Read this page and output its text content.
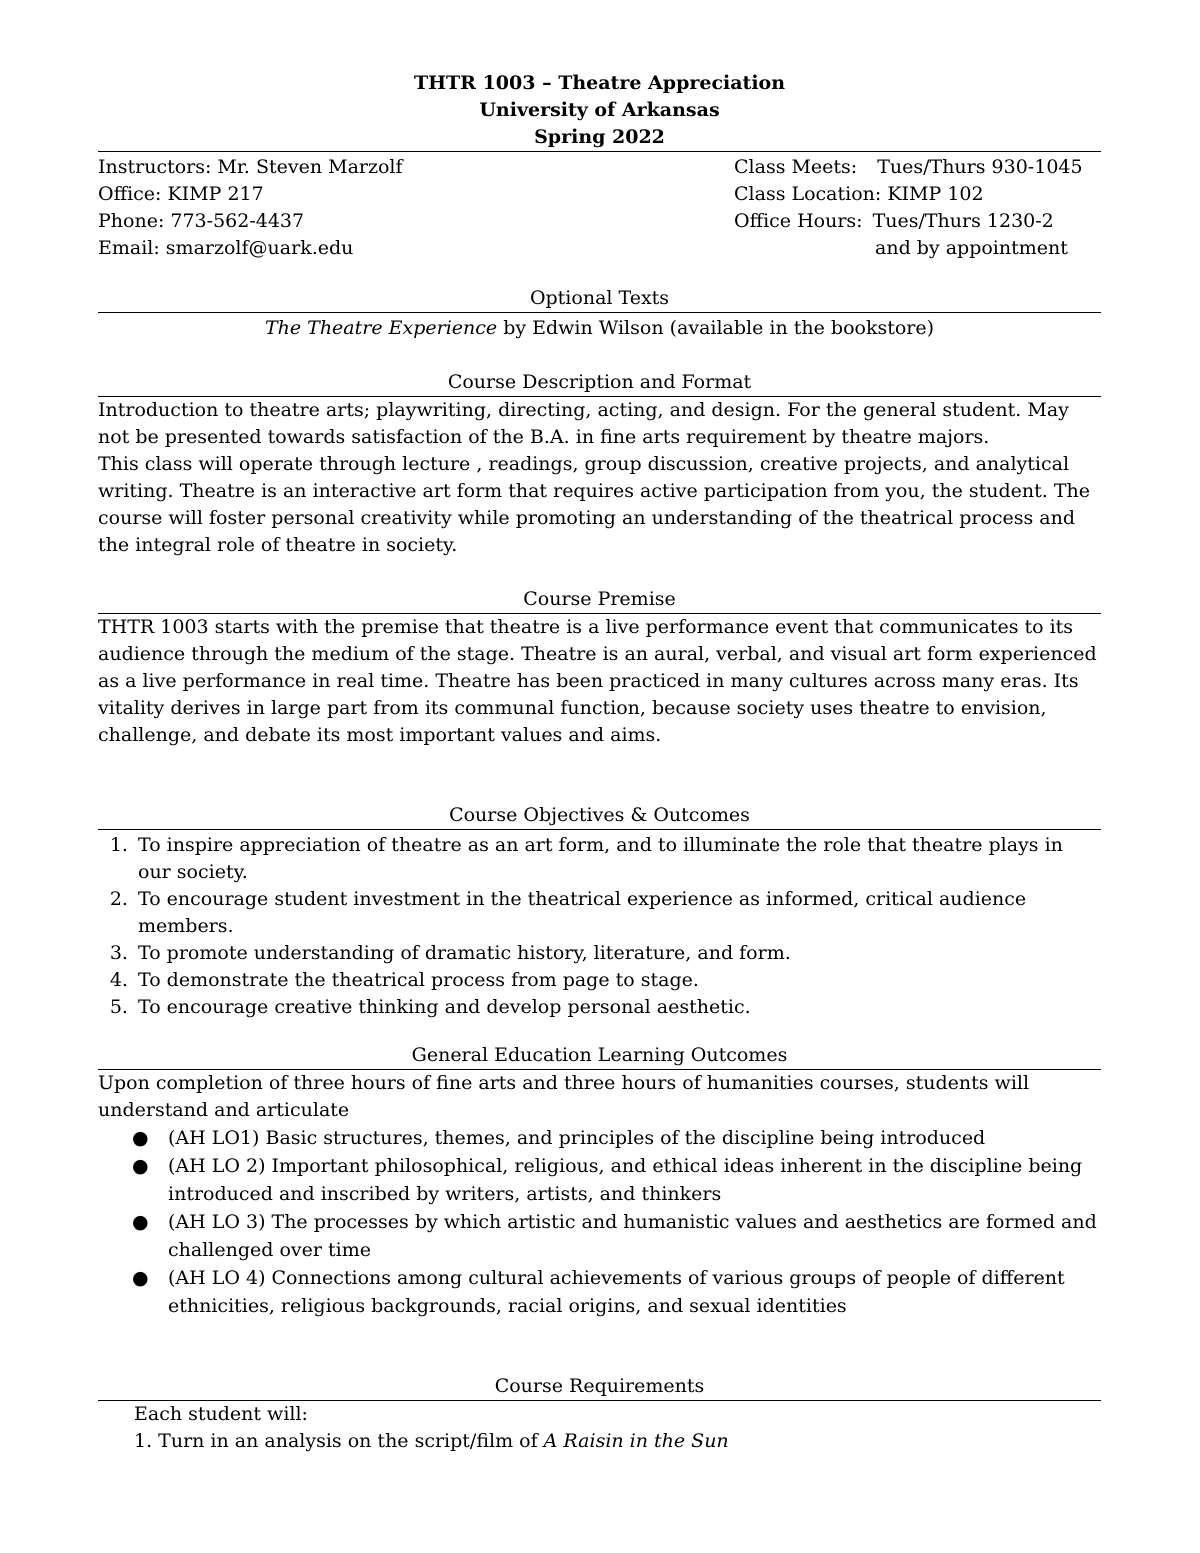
THTR 1003 – Theatre Appreciation
University of Arkansas
Spring 2022
Instructors: Mr. Steven Marzolf
Office: KIMP 217
Phone: 773-562-4437
Email: smarzolf@uark.edu
Class Meets: Tues/Thurs 930-1045
Class Location: KIMP 102
Office Hours: Tues/Thurs 1230-2
and by appointment
Optional Texts

The Theatre Experience by Edwin Wilson (available in the bookstore)

Course Description and Format

Introduction to theatre arts; playwriting, directing, acting, and design. For the general student. May not be presented towards satisfaction of the B.A. in fine arts requirement by theatre majors.

This class will operate through lecture , readings, group discussion, creative projects, and analytical writing. Theatre is an interactive art form that requires active participation from you, the student. The course will foster personal creativity while promoting an understanding of the theatrical process and the integral role of theatre in society.

Course Premise

THTR 1003 starts with the premise that theatre is a live performance event that communicates to its audience through the medium of the stage. Theatre is an aural, verbal, and visual art form experienced as a live performance in real time. Theatre has been practiced in many cultures across many eras. Its vitality derives in large part from its communal function, because society uses theatre to envision, challenge, and debate its most important values and aims.

Course Objectives & Outcomes
1. To inspire appreciation of theatre as an art form, and to illuminate the role that theatre plays in our society.
2. To encourage student investment in the theatrical experience as informed, critical audience members.
3. To promote understanding of dramatic history, literature, and form.
4. To demonstrate the theatrical process from page to stage.
5. To encourage creative thinking and develop personal aesthetic.
General Education Learning Outcomes

Upon completion of three hours of fine arts and three hours of humanities courses, students will understand and articulate

● (AH LO1) Basic structures, themes, and principles of the discipline being introduced
● (AH LO 2) Important philosophical, religious, and ethical ideas inherent in the discipline being introduced and inscribed by writers, artists, and thinkers
● (AH LO 3) The processes by which artistic and humanistic values and aesthetics are formed and challenged over time
● (AH LO 4) Connections among cultural achievements of various groups of people of different ethnicities, religious backgrounds, racial origins, and sexual identities
Course Requirements
Each student will:
1. Turn in an analysis on the script/film of A Raisin in the Sun
